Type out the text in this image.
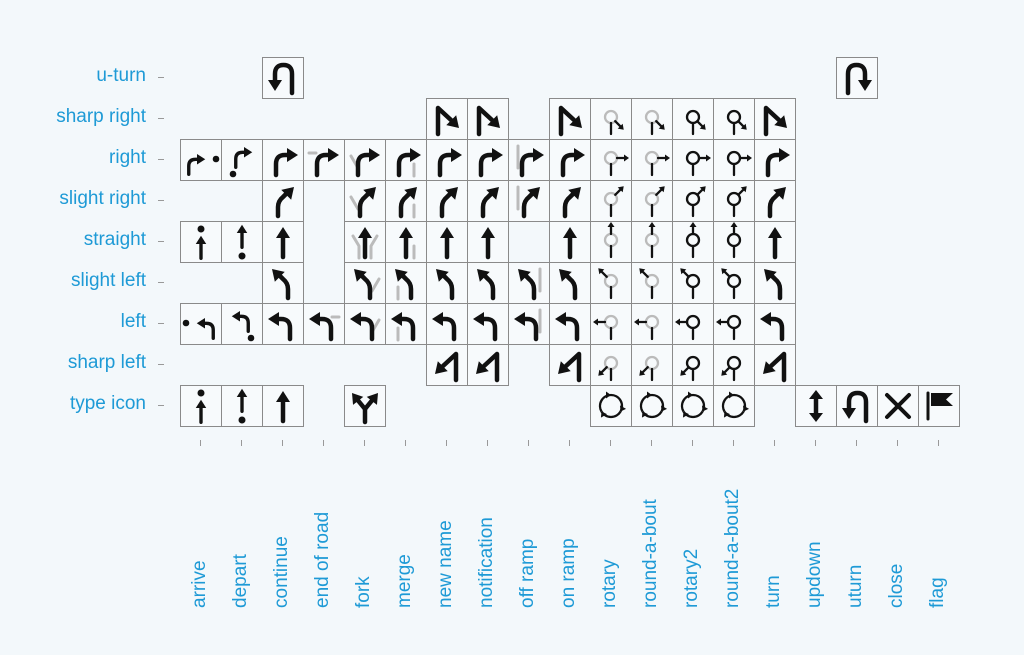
u-turn
sharp right
right
slight right
straight
slight left
left
sharp left
type icon
arrive depart continue end of road fork merge new name notification off ramp on ramp rotary round-a-bout rotary2 round-a-bout2 turn updown uturn close flag
